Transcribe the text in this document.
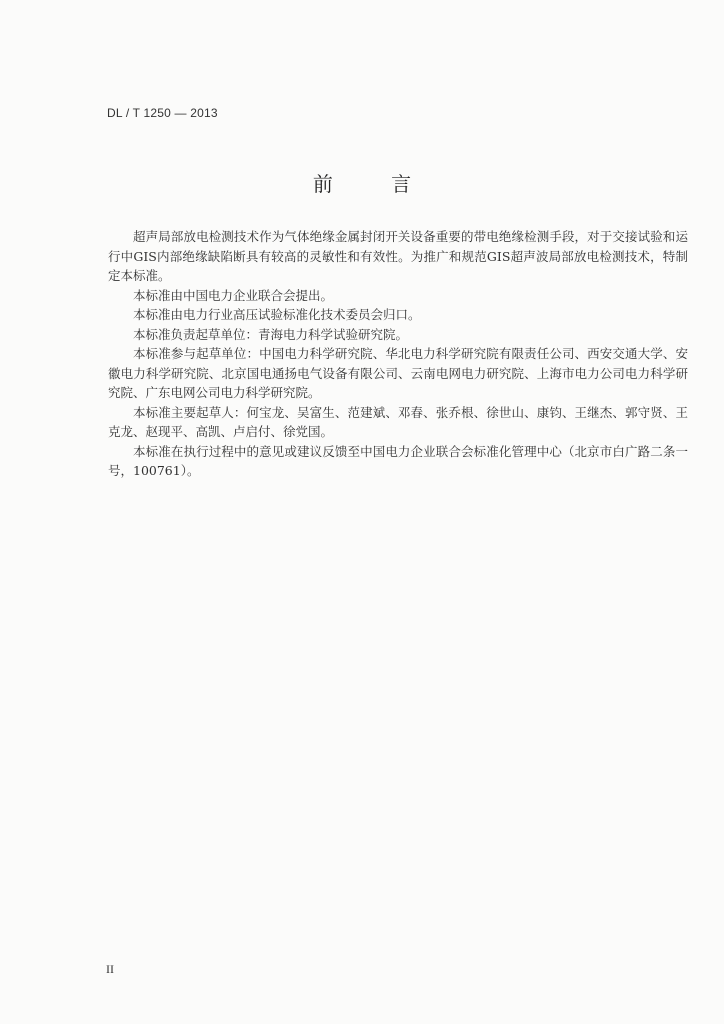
DL / T 1250 — 2013
前 言

超声局部放电检测技术作为气体绝缘金属封闭开关设备重要的带电绝缘检测手段，对于交接试验和运行中GIS内部绝缘缺陷断具有较高的灵敏性和有效性。为推广和规范GIS超声波局部放电检测技术，特制定本标准。

本标准由中国电力企业联合会提出。

本标准由电力行业高压试验标准化技术委员会归口。

本标准负责起草单位：青海电力科学试验研究院。

本标准参与起草单位：中国电力科学研究院、华北电力科学研究院有限责任公司、西安交通大学、安徽电力科学研究院、北京国电通扬电气设备有限公司、云南电网电力研究院、上海市电力公司电力科学研究院、广东电网公司电力科学研究院。

本标准主要起草人：何宝龙、吴富生、范建斌、邓春、张乔根、徐世山、康钧、王继杰、郭守贤、王克龙、赵现平、高凯、卢启付、徐党国。

本标准在执行过程中的意见或建议反馈至中国电力企业联合会标准化管理中心（北京市白广路二条一号，100761）。

II
